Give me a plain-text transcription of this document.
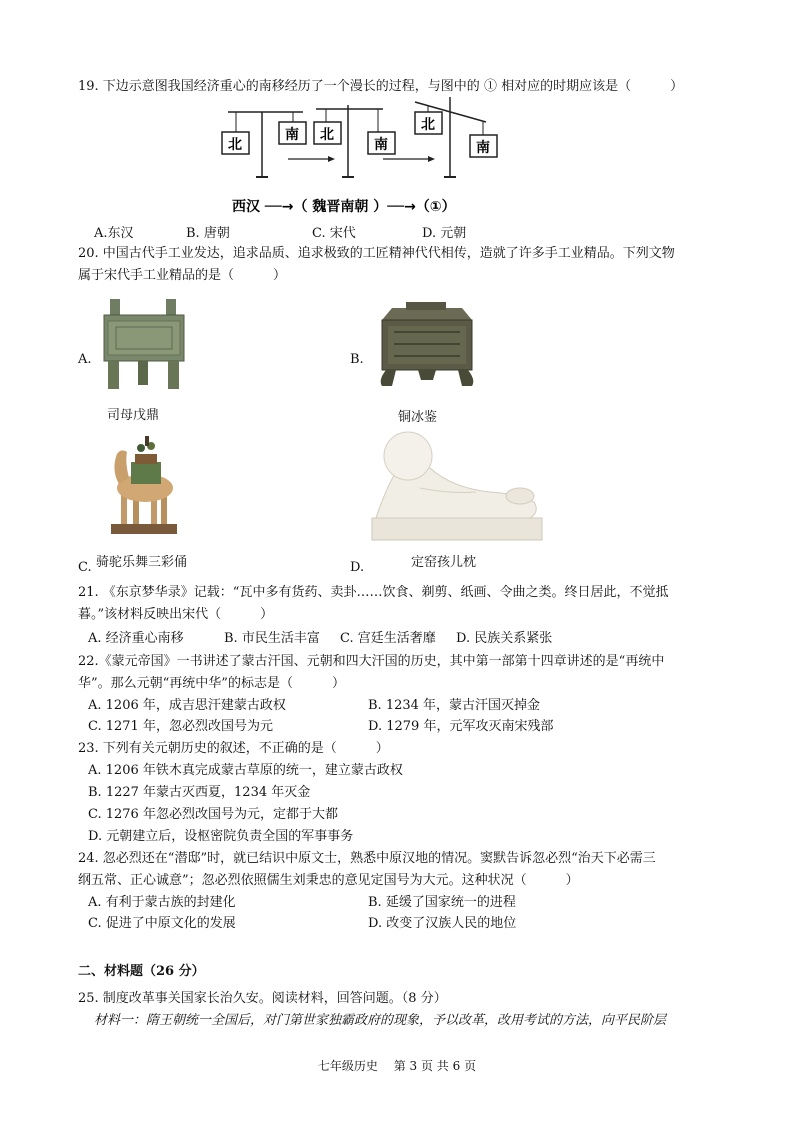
19. 下边示意图我国经济重心的南移经历了一个漫长的过程，与图中的 ① 相对应的时期应该是（　　　）
北
南 北
南
北
南
西汉 ──→（ 魏晋南朝 ）──→（①）
A.东汉	B. 唐朝	C. 宋代	D. 元朝
20. 中国古代手工业发达，追求品质、追求极致的工匠精神代代相传，造就了许多手工业精品。下列文物
属于宋代手工业精品的是（　　　）
A.
司母戊鼎
B.
铜冰鉴
C. 骑驼乐舞三彩俑	D.	定窑孩儿枕
21. 《东京梦华录》记载：“瓦中多有货药、卖卦……饮食、剃剪、纸画、令曲之类。终日居此，不觉抵
暮。”该材料反映出宋代（　　　）
A. 经济重心南移	B. 市民生活丰富 C. 宫廷生活奢靡 D. 民族关系紧张
22.《蒙元帝国》一书讲述了蒙古汗国、元朝和四大汗国的历史，其中第一部第十四章讲述的是“再统中
华”。那么元朝“再统中华”的标志是（　　　）
A. 1206 年，成吉思汗建蒙古政权	B. 1234 年，蒙古汗国灭掉金
C. 1271 年，忽必烈改国号为元	D. 1279 年，元军攻灭南宋残部
23. 下列有关元朝历史的叙述，不正确的是（　　　）
A. 1206 年铁木真完成蒙古草原的统一，建立蒙古政权
B. 1227 年蒙古灭西夏，1234 年灭金
C. 1276 年忽必烈改国号为元，定都于大都
D. 元朝建立后，设枢密院负责全国的军事事务
24. 忽必烈还在“潜邸”时，就已结识中原文士，熟悉中原汉地的情况。窦默告诉忽必烈“治天下必需三
纲五常、正心诚意”；忽必烈依照儒生刘秉忠的意见定国号为大元。这种状况（　　　）
A. 有利于蒙古族的封建化	B. 延缓了国家统一的进程
C. 促进了中原文化的发展	D. 改变了汉族人民的地位
二、材料题（26 分）
25. 制度改革事关国家长治久安。阅读材料，回答问题。（8 分）
材料一：隋王朝统一全国后，对门第世家独霸政府的现象，予以改革，改用考试的方法，向平民阶层
七年级历史　 第 3 页 共 6 页
